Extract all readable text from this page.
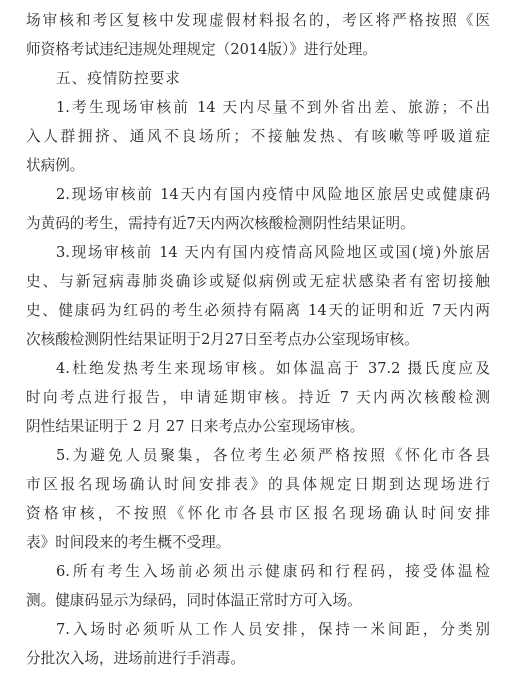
场审核和考区复核中发现虚假材料报名的，考区将严格按照《医
师资格考试违纪违规处理规定（2014版）》进行处理。
五、疫情防控要求
1.考生现场审核前 14 天内尽量不到外省出差、旅游；不出
入人群拥挤、通风不良场所；不接触发热、有咳嗽等呼吸道症
状病例。
2.现场审核前 14天内有国内疫情中风险地区旅居史或健康码
为黄码的考生，需持有近7天内两次核酸检测阴性结果证明。
3.现场审核前 14 天内有国内疫情高风险地区或国(境)外旅居
史、与新冠病毒肺炎确诊或疑似病例或无症状感染者有密切接触
史、健康码为红码的考生必须持有隔离 14天的证明和近 7天内两
次核酸检测阴性结果证明于2月27日至考点办公室现场审核。
4.杜绝发热考生来现场审核。如体温高于 37.2 摄氏度应及
时向考点进行报告，申请延期审核。持近 7 天内两次核酸检测
阴性结果证明于 2 月 27 日来考点办公室现场审核。
5.为避免人员聚集，各位考生必须严格按照《怀化市各县
市区报名现场确认时间安排表》的具体规定日期到达现场进行
资格审核，不按照《怀化市各县市区报名现场确认时间安排
表》时间段来的考生概不受理。
6.所有考生入场前必须出示健康码和行程码，接受体温检
测。健康码显示为绿码，同时体温正常时方可入场。
7.入场时必须听从工作人员安排，保持一米间距，分类别
分批次入场，进场前进行手消毒。
